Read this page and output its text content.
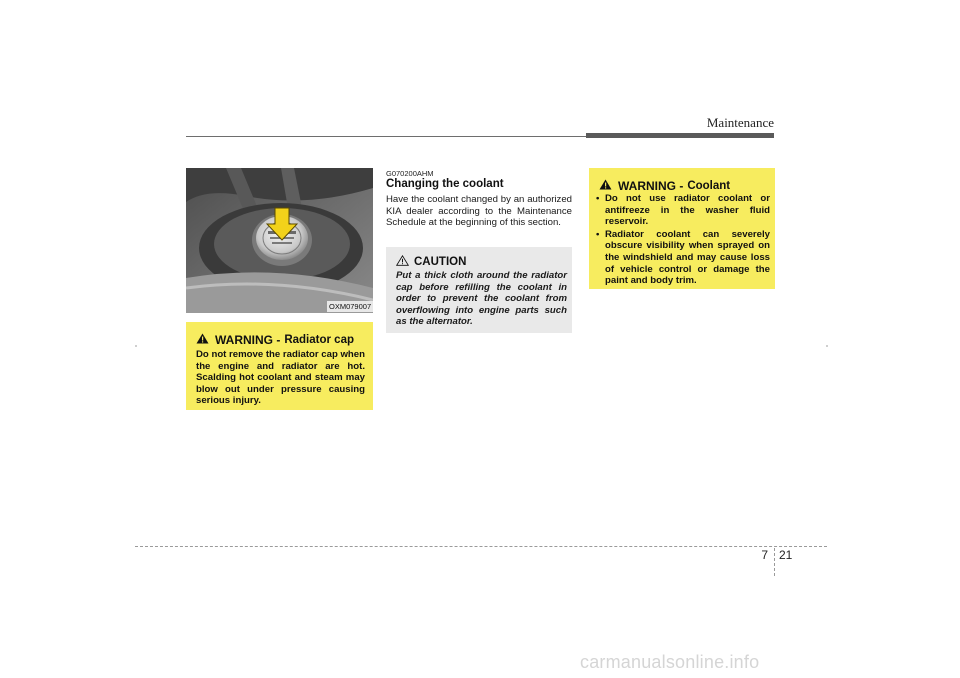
Maintenance
OXM079007
WARNING - Radiator cap
Do not remove the radiator cap when the engine and radiator are hot. Scalding hot coolant and steam may blow out under pressure causing serious injury.
G070200AHM
Changing the coolant
Have the coolant changed by an authorized KIA dealer according to the Maintenance Schedule at the beginning of this section.
CAUTION
Put a thick cloth around the radiator cap before refilling the coolant in order to prevent the coolant from overflowing into engine parts such as the alternator.
WARNING - Coolant
• Do not use radiator coolant or antifreeze in the washer fluid reservoir.
• Radiator coolant can severely obscure visibility when sprayed on the windshield and may cause loss of vehicle control or damage the paint and body trim.
7 21
carmanualsonline.info
